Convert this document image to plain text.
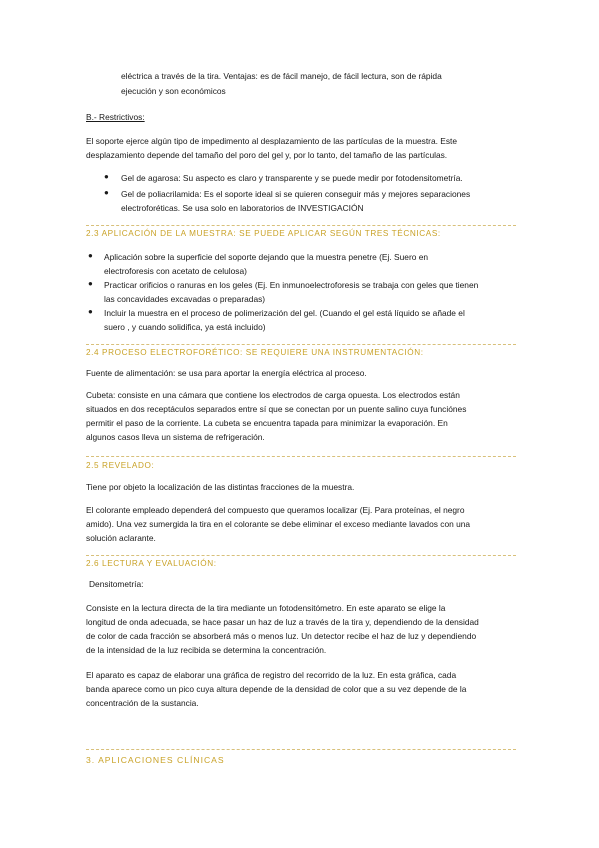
eléctrica a través de la tira. Ventajas: es de fácil manejo, de fácil lectura, son de rápida
ejecución y son económicos
B.- Restrictivos:
El soporte ejerce algún tipo de impedimento al desplazamiento de las partículas de la muestra. Este
desplazamiento depende del tamaño del poro del gel y, por lo tanto, del tamaño de las partículas.
● Gel de agarosa: Su aspecto es claro y transparente y se puede medir por fotodensitometría.
● Gel de poliacrilamida: Es el soporte ideal si se quieren conseguir más y mejores separaciones
electroforéticas. Se usa solo en laboratorios de INVESTIGACIÓN
2.3 APLICACIÓN DE LA MUESTRA: SE PUEDE APLICAR SEGÚN TRES TÉCNICAS:
● Aplicación sobre la superficie del soporte dejando que la muestra penetre (Ej. Suero en
electroforesis con acetato de celulosa)
● Practicar orificios o ranuras en los geles (Ej. En inmunoelectroforesis se trabaja con geles que tienen
las concavidades excavadas o preparadas)
● Incluir la muestra en el proceso de polimerización del gel. (Cuando el gel está líquido se añade el
suero , y cuando solidifica, ya está incluido)
2.4 PROCESO ELECTROFORÉTICO: SE REQUIERE UNA INSTRUMENTACIÓN:
Fuente de alimentación: se usa para aportar la energía eléctrica al proceso.
Cubeta: consiste en una cámara que contiene los electrodos de carga opuesta. Los electrodos están
situados en dos receptáculos separados entre sí que se conectan por un puente salino cuya funciónes
permitir el paso de la corriente. La cubeta se encuentra tapada para minimizar la evaporación. En
algunos casos lleva un sistema de refrigeración.
2.5 REVELADO:
Tiene por objeto la localización de las distintas fracciones de la muestra.
El colorante empleado dependerá del compuesto que queramos localizar (Ej. Para proteínas, el negro
amido). Una vez sumergida la tira en el colorante se debe eliminar el exceso mediante lavados con una
solución aclarante.
2.6 LECTURA Y EVALUACIÓN:
Densitometría:
Consiste en la lectura directa de la tira mediante un fotodensitómetro. En este aparato se elige la
longitud de onda adecuada, se hace pasar un haz de luz a través de la tira y, dependiendo de la densidad
de color de cada fracción se absorberá más o menos luz. Un detector recibe el haz de luz y dependiendo
de la intensidad de la luz recibida se determina la concentración.
El aparato es capaz de elaborar una gráfica de registro del recorrido de la luz. En esta gráfica, cada
banda aparece como un pico cuya altura depende de la densidad de color que a su vez depende de la
concentración de la sustancia.
3. APLICACIONES CLÍNICAS
